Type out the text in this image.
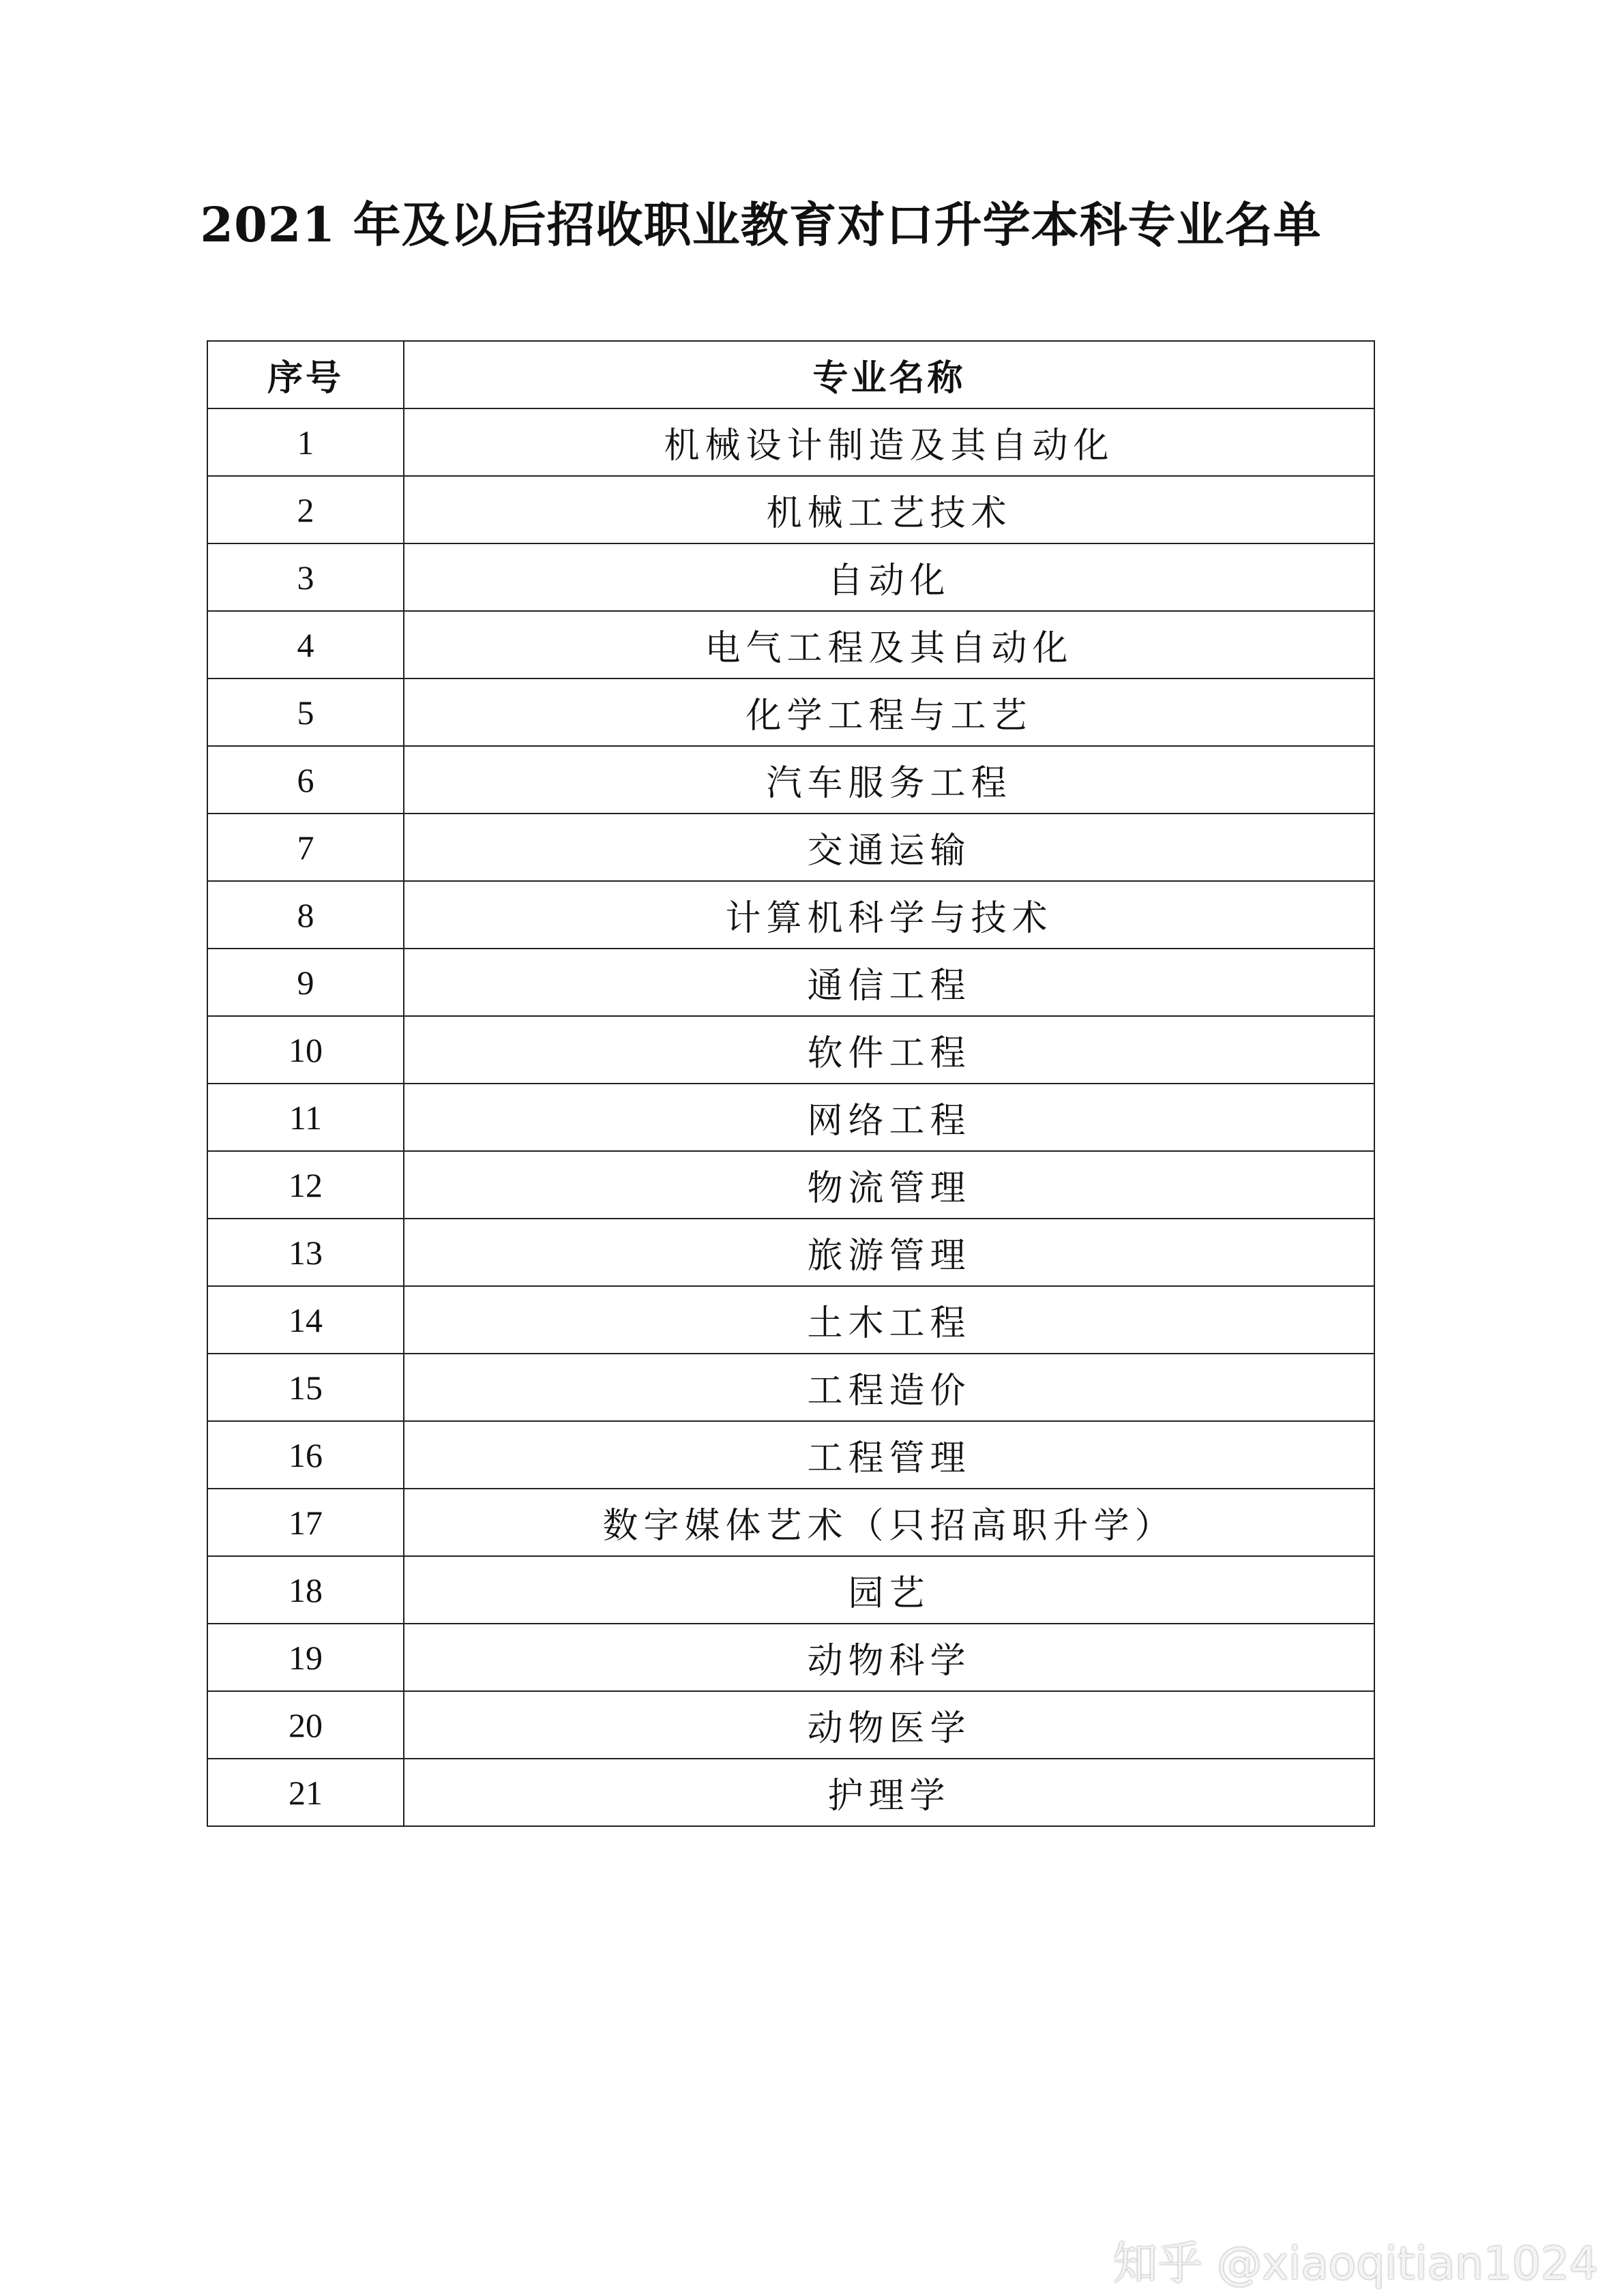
2021 年及以后招收职业教育对口升学本科专业名单
序号	专业名称
1	机械设计制造及其自动化
2	机械工艺技术
3	自动化
4	电气工程及其自动化
5	化学工程与工艺
6	汽车服务工程
7	交通运输
8	计算机科学与技术
9	通信工程
10	软件工程
11	网络工程
12	物流管理
13	旅游管理
14	土木工程
15	工程造价
16	工程管理
17	数字媒体艺术（只招高职升学）
18	园艺
19	动物科学
20	动物医学
21	护理学
知乎 @xiaoqitian1024
